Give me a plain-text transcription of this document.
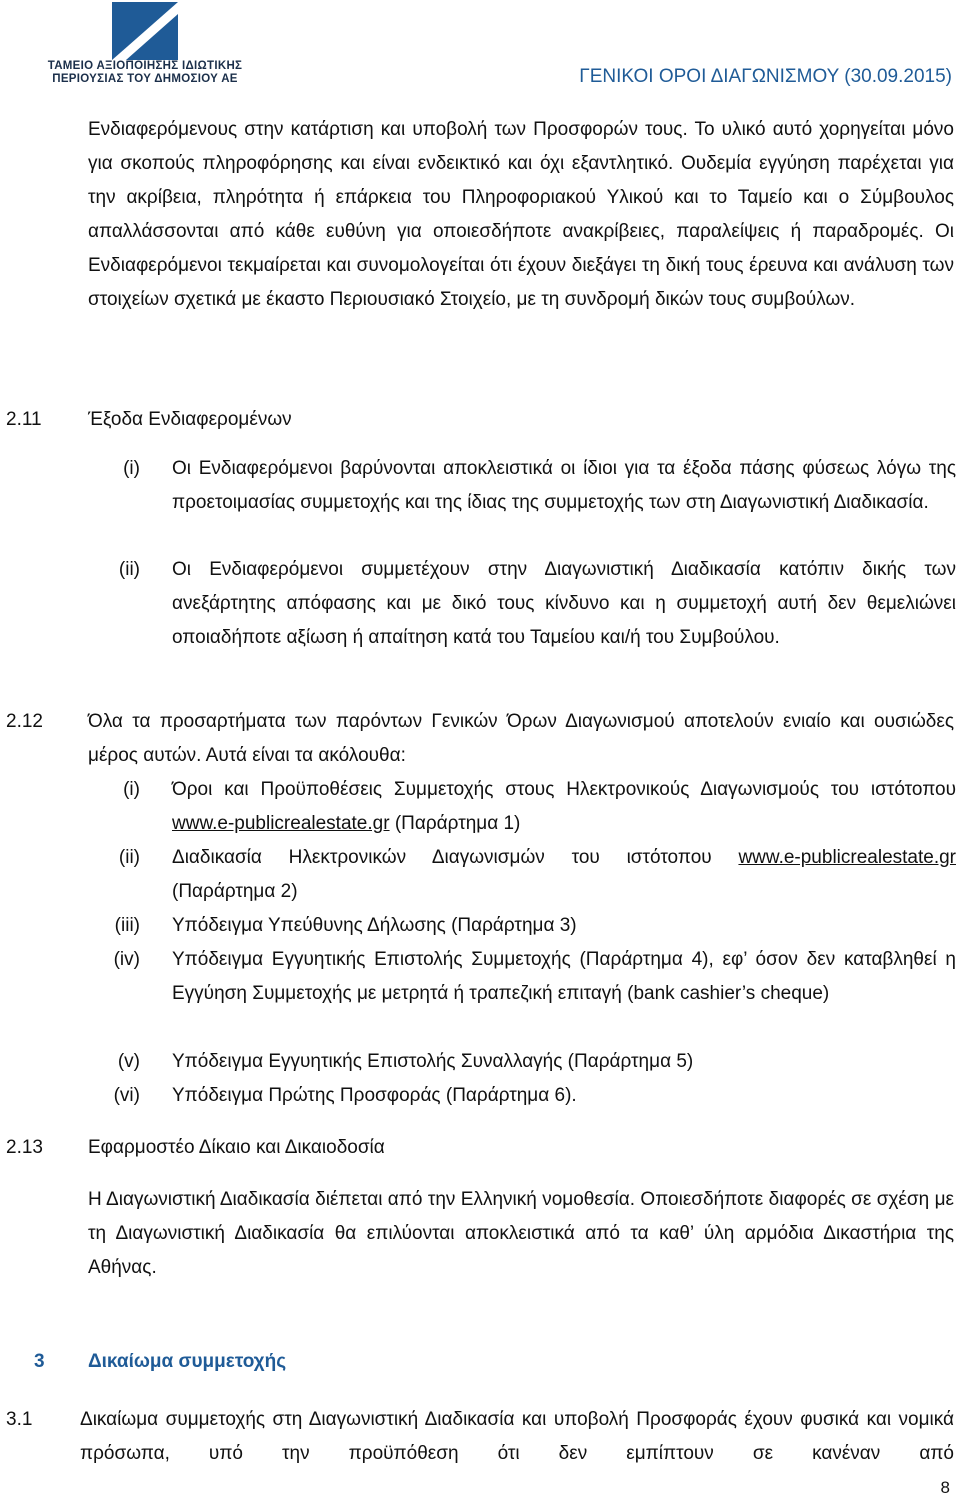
ΤΑΜΕΙΟ ΑΞΙΟΠΟΙΗΣΗΣ ΙΔΙΩΤΙΚΗΣ
ΠΕΡΙΟΥΣΙΑΣ ΤΟΥ ΔΗΜΟΣΙΟΥ ΑΕ	ΓΕΝΙΚΟΙ ΟΡΟΙ ΔΙΑΓΩΝΙΣΜΟΥ (30.09.2015)
Ενδιαφερόμενους στην κατάρτιση και υποβολή των Προσφορών τους. Το υλικό αυτό χορηγείται μόνο για σκοπούς πληροφόρησης και είναι ενδεικτικό και όχι εξαντλητικό. Ουδεμία εγγύηση παρέχεται για την ακρίβεια, πληρότητα ή επάρκεια του Πληροφοριακού Υλικού και το Ταμείο και ο Σύμβουλος απαλλάσσονται από κάθε ευθύνη για οποιεσδήποτε ανακρίβειες, παραλείψεις ή παραδρομές. Οι Ενδιαφερόμενοι τεκμαίρεται και συνομολογείται ότι έχουν διεξάγει τη δική τους έρευνα και ανάλυση των στοιχείων σχετικά με έκαστο Περιουσιακό Στοιχείο, με τη συνδρομή δικών τους συμβούλων.
2.11 Έξοδα Ενδιαφερομένων
(i) Οι Ενδιαφερόμενοι βαρύνονται αποκλειστικά οι ίδιοι για τα έξοδα πάσης φύσεως λόγω της προετοιμασίας συμμετοχής και της ίδιας της συμμετοχής των στη Διαγωνιστική Διαδικασία.
(ii) Οι Ενδιαφερόμενοι συμμετέχουν στην Διαγωνιστική Διαδικασία κατόπιν δικής των ανεξάρτητης απόφασης και με δικό τους κίνδυνο και η συμμετοχή αυτή δεν θεμελιώνει οποιαδήποτε αξίωση ή απαίτηση κατά του Ταμείου και/ή του Συμβούλου.
2.12 Όλα τα προσαρτήματα των παρόντων Γενικών Όρων Διαγωνισμού αποτελούν ενιαίο και ουσιώδες μέρος αυτών. Αυτά είναι τα ακόλουθα:
(i) Όροι και Προϋποθέσεις Συμμετοχής στους Ηλεκτρονικούς Διαγωνισμούς του ιστότοπου www.e-publicrealestate.gr (Παράρτημα 1)
(ii) Διαδικασία Ηλεκτρονικών Διαγωνισμών του ιστότοπου www.e-publicrealestate.gr (Παράρτημα 2)
(iii) Υπόδειγμα Υπεύθυνης Δήλωσης (Παράρτημα 3)
(iv) Υπόδειγμα Εγγυητικής Επιστολής Συμμετοχής (Παράρτημα 4), εφ’ όσον δεν καταβληθεί η Εγγύηση Συμμετοχής με μετρητά ή τραπεζική επιταγή (bank cashier’s cheque)
(v) Υπόδειγμα Εγγυητικής Επιστολής Συναλλαγής (Παράρτημα 5)
(vi) Υπόδειγμα Πρώτης Προσφοράς (Παράρτημα 6).
2.13 Εφαρμοστέο Δίκαιο και Δικαιοδοσία
Η Διαγωνιστική Διαδικασία διέπεται από την Ελληνική νομοθεσία. Οποιεσδήποτε διαφορές σε σχέση με τη Διαγωνιστική Διαδικασία θα επιλύονται αποκλειστικά από τα καθ’ ύλη αρμόδια Δικαστήρια της Αθήνας.
3 Δικαίωμα συμμετοχής
3.1	Δικαίωμα συμμετοχής στη Διαγωνιστική Διαδικασία και υποβολή Προσφοράς έχουν φυσικά και νομικά πρόσωπα, υπό την προϋπόθεση ότι δεν εμπίπτουν σε κανέναν από
8
